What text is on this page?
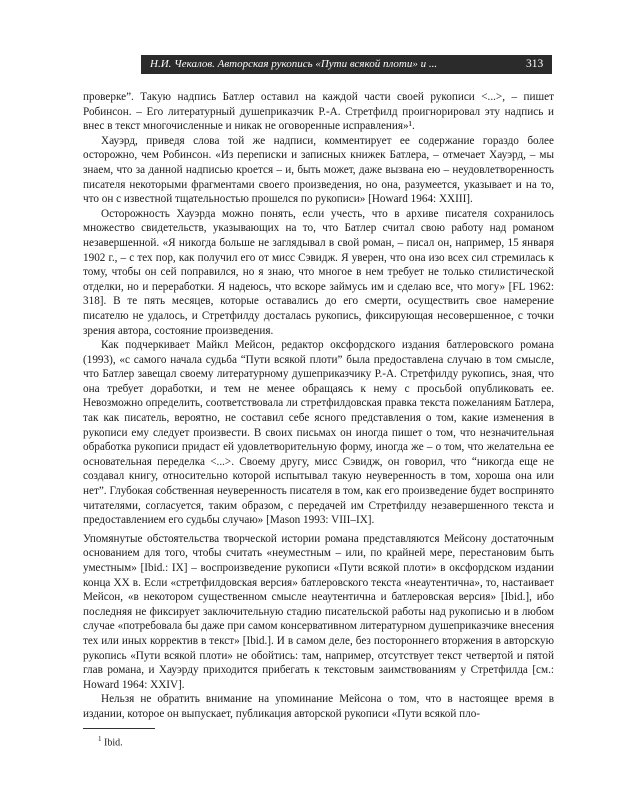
Н.И. Чекалов. Авторская рукопись «Пути всякой плоти» и ...	313

проверке”. Такую надпись Батлер оставил на каждой части своей рукописи <...>, – пишет Робинсон. – Его литературный душеприказчик Р.-А. Стретфилд проигнорировал эту надпись и внес в текст многочисленные и никак не оговоренные исправления»¹.

Хауэрд, приведя слова той же надписи, комментирует ее содержание гораздо более осторожно, чем Робинсон. «Из переписки и записных книжек Батлера, – отмечает Хауэрд, – мы знаем, что за данной надписью кроется – и, быть может, даже вызвана ею – неудовлетворенность писателя некоторыми фрагментами своего произведения, но она, разумеется, указывает и на то, что он с известной тщательностью прошелся по рукописи» [Howard 1964: XXIII].

Осторожность Хауэрда можно понять, если учесть, что в архиве писателя сохранилось множество свидетельств, указывающих на то, что Батлер считал свою работу над романом незавершенной. «Я никогда больше не заглядывал в свой роман, – писал он, например, 15 января 1902 г., – с тех пор, как получил его от мисс Сэвидж. Я уверен, что она изо всех сил стремилась к тому, чтобы он сей поправился, но я знаю, что многое в нем требует не только стилистической отделки, но и переработки. Я надеюсь, что вскоре займусь им и сделаю все, что могу» [FL 1962: 318]. В те пять месяцев, которые оставались до его смерти, осуществить свое намерение писателю не удалось, и Стретфилду досталась рукопись, фиксирующая несовершенное, с точки зрения автора, состояние произведения.

Как подчеркивает Майкл Мейсон, редактор оксфордского издания батлеровского романа (1993), «с самого начала судьба “Пути всякой плоти” была предоставлена случаю в том смысле, что Батлер завещал своему литературному душеприказчику Р.-А. Стретфилду рукопись, зная, что она требует доработки, и тем не менее обращаясь к нему с просьбой опубликовать ее. Невозможно определить, соответствовала ли стретфилдовская правка текста пожеланиям Батлера, так как писатель, вероятно, не составил себе ясного представления о том, какие изменения в рукописи ему следует произвести. В своих письмах он иногда пишет о том, что незначительная обработка рукописи придаст ей удовлетворительную форму, иногда же – о том, что желательна ее основательная переделка <...>. Своему другу, мисс Сэвидж, он говорил, что “никогда еще не создавал книгу, относительно которой испытывал такую неуверенность в том, хороша она или нет”. Глубокая собственная неуверенность писателя в том, как его произведение будет воспринято читателями, согласуется, таким образом, с передачей им Стретфилду незавершенного текста и предоставлением его судьбы случаю» [Mason 1993: VIII–IX].

Упомянутые обстоятельства творческой истории романа представляются Мейсону достаточным основанием для того, чтобы считать «неуместным – или, по крайней мере, перестановим быть уместным» [Ibid.: IX] – воспроизведение рукописи «Пути всякой плоти» в оксфордском издании конца XX в. Если «стретфилдовская версия» батлеровского текста «неаутентична», то, настаивает Мейсон, «в некотором существенном смысле неаутентична и батлеровская версия» [Ibid.], ибо последняя не фиксирует заключительную стадию писательской работы над рукописью и в любом случае «потребовала бы даже при самом консервативном литературном душеприказчике внесения тех или иных корректив в текст» [Ibid.]. И в самом деле, без постороннего вторжения в авторскую рукопись «Пути всякой плоти» не обойтись: там, например, отсутствует текст четвертой и пятой глав романа, и Хауэрду приходится прибегать к текстовым заимствованиям у Стретфилда [см.: Howard 1964: XXIV].

Нельзя не обратить внимание на упоминание Мейсона о том, что в настоящее время в издании, которое он выпускает, публикация авторской рукописи «Пути всякой пло-

$^1$ Ibid.
